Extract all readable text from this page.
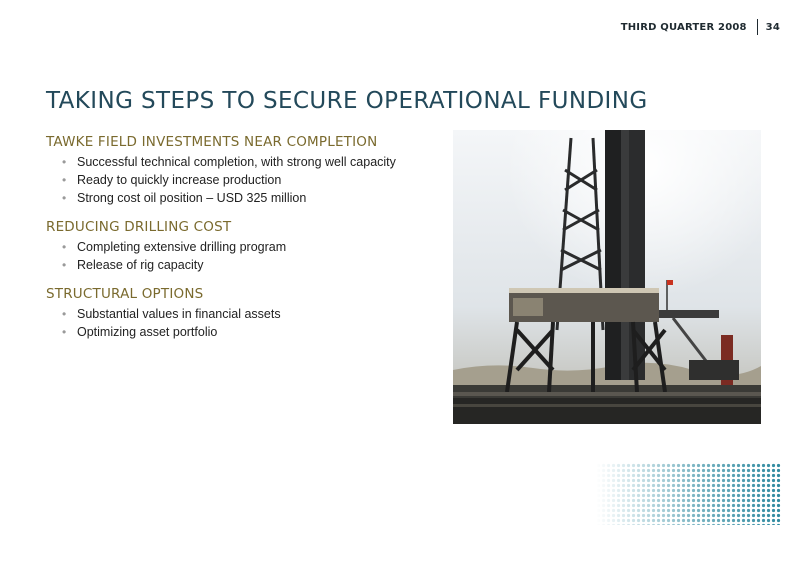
THIRD QUARTER 2008 34
TAKING STEPS TO SECURE OPERATIONAL FUNDING
TAWKE FIELD INVESTMENTS NEAR COMPLETION
• Successful technical completion, with strong well capacity
• Ready to quickly increase production
• Strong cost oil position – USD 325 million
REDUCING DRILLING COST
• Completing extensive drilling program
• Release of rig capacity
STRUCTURAL OPTIONS
• Substantial values in financial assets
• Optimizing asset portfolio
